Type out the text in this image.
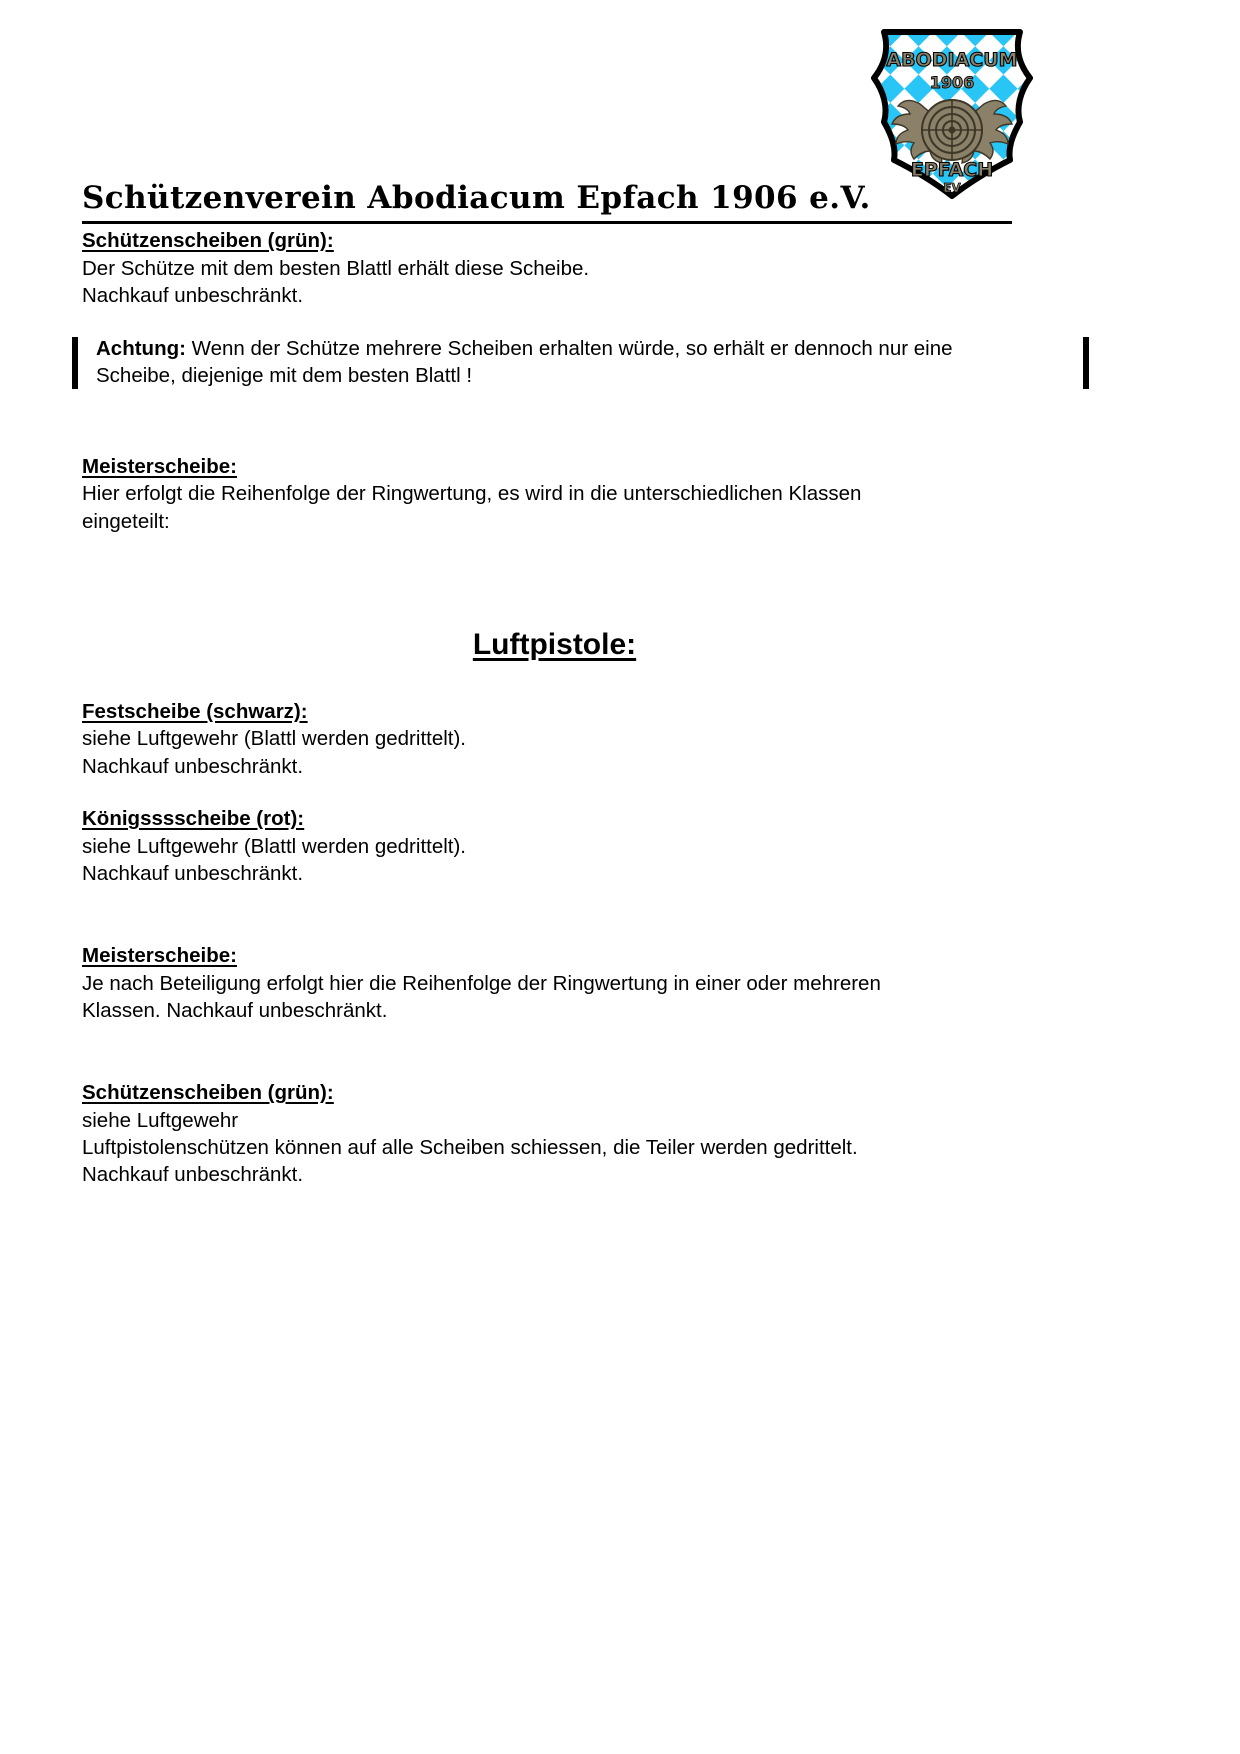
ABODIACUM
1906
EPFACH
EV
Schützenverein Abodiacum Epfach 1906 e.V.
Schützenscheiben (grün):

Der Schütze mit dem besten Blattl erhält diese Scheibe.

Nachkauf unbeschränkt.

Achtung: Wenn der Schütze mehrere Scheiben erhalten würde, so erhält er dennoch nur eine

Scheibe, diejenige mit dem besten Blattl !

Meisterscheibe:

Hier erfolgt die Reihenfolge der Ringwertung, es wird in die unterschiedlichen Klassen

eingeteilt:

Luftpistole:
Festscheibe (schwarz):

siehe Luftgewehr (Blattl werden gedrittelt).

Nachkauf unbeschränkt.

Königsssscheibe (rot):

siehe Luftgewehr (Blattl werden gedrittelt).

Nachkauf unbeschränkt.

Meisterscheibe:

Je nach Beteiligung erfolgt hier die Reihenfolge der Ringwertung in einer oder mehreren

Klassen. Nachkauf unbeschränkt.

Schützenscheiben (grün):

siehe Luftgewehr

Luftpistolenschützen können auf alle Scheiben schiessen, die Teiler werden gedrittelt.

Nachkauf unbeschränkt.
